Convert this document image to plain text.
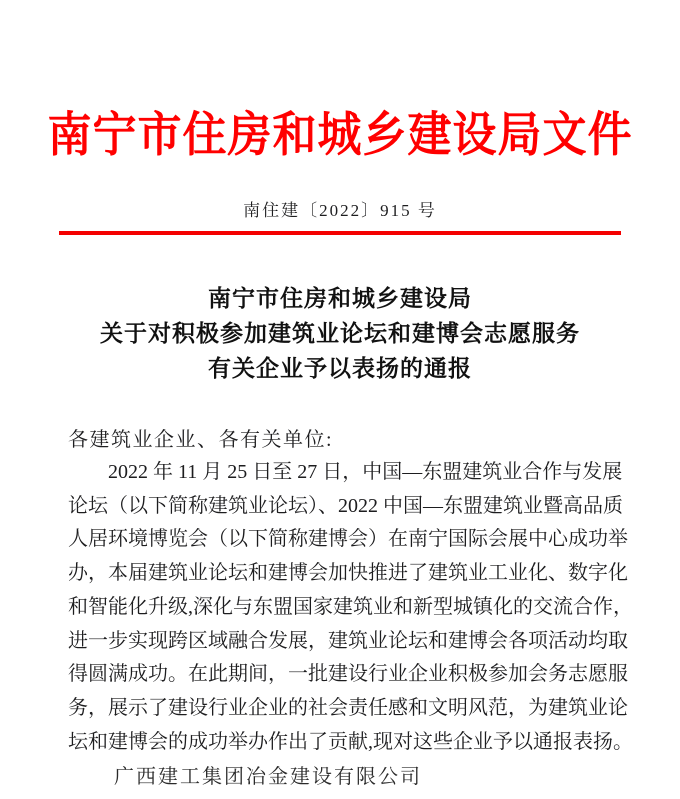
南宁市住房和城乡建设局文件
南住建〔2022〕915 号
南宁市住房和城乡建设局
关于对积极参加建筑业论坛和建博会志愿服务
有关企业予以表扬的通报
各建筑业企业、各有关单位:
2022 年 11 月 25 日至 27 日，中国—东盟建筑业合作与发展
论坛（以下简称建筑业论坛）、2022 中国—东盟建筑业暨高品质
人居环境博览会（以下简称建博会）在南宁国际会展中心成功举
办，本届建筑业论坛和建博会加快推进了建筑业工业化、数字化
和智能化升级,深化与东盟国家建筑业和新型城镇化的交流合作，
进一步实现跨区域融合发展，建筑业论坛和建博会各项活动均取
得圆满成功。在此期间，一批建设行业企业积极参加会务志愿服
务，展示了建设行业企业的社会责任感和文明风范，为建筑业论
坛和建博会的成功举办作出了贡献,现对这些企业予以通报表扬。
广西建工集团冶金建设有限公司
